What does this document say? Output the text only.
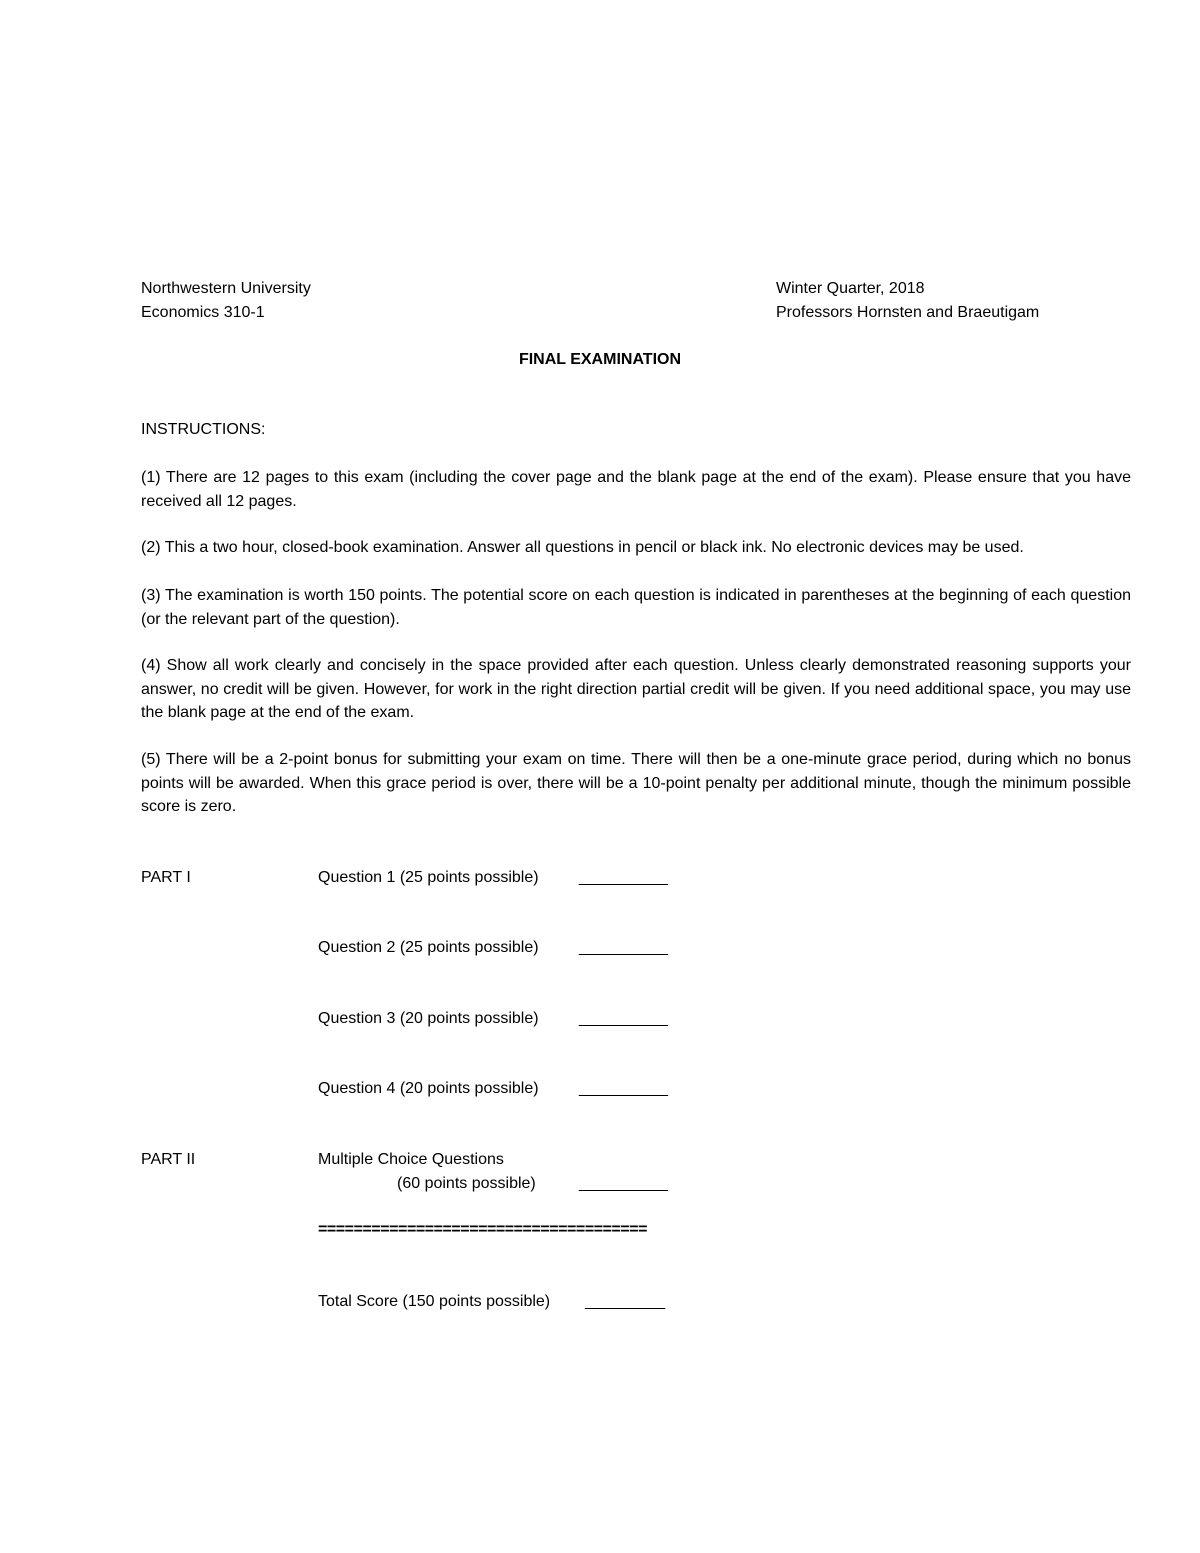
Northwestern University
Economics 310-1
Winter Quarter, 2018
Professors Hornsten and Braeutigam
FINAL EXAMINATION
INSTRUCTIONS:
(1) There are 12 pages to this exam (including the cover page and the blank page at the end of the exam). Please ensure that you have received all 12 pages.
(2) This a two hour, closed-book examination. Answer all questions in pencil or black ink. No electronic devices may be used.
(3) The examination is worth 150 points. The potential score on each question is indicated in parentheses at the beginning of each question (or the relevant part of the question).
(4) Show all work clearly and concisely in the space provided after each question. Unless clearly demonstrated reasoning supports your answer, no credit will be given. However, for work in the right direction partial credit will be given. If you need additional space, you may use the blank page at the end of the exam.
(5) There will be a 2-point bonus for submitting your exam on time. There will then be a one-minute grace period, during which no bonus points will be awarded. When this grace period is over, there will be a 10-point penalty per additional minute, though the minimum possible score is zero.
PART I	Question 1 (25 points possible)	__________
Question 2 (25 points possible)	__________
Question 3 (20 points possible)	__________
Question 4 (20 points possible)	__________
PART II	Multiple Choice Questions
(60 points possible)	__________
=====================================
Total Score (150 points possible) _________
